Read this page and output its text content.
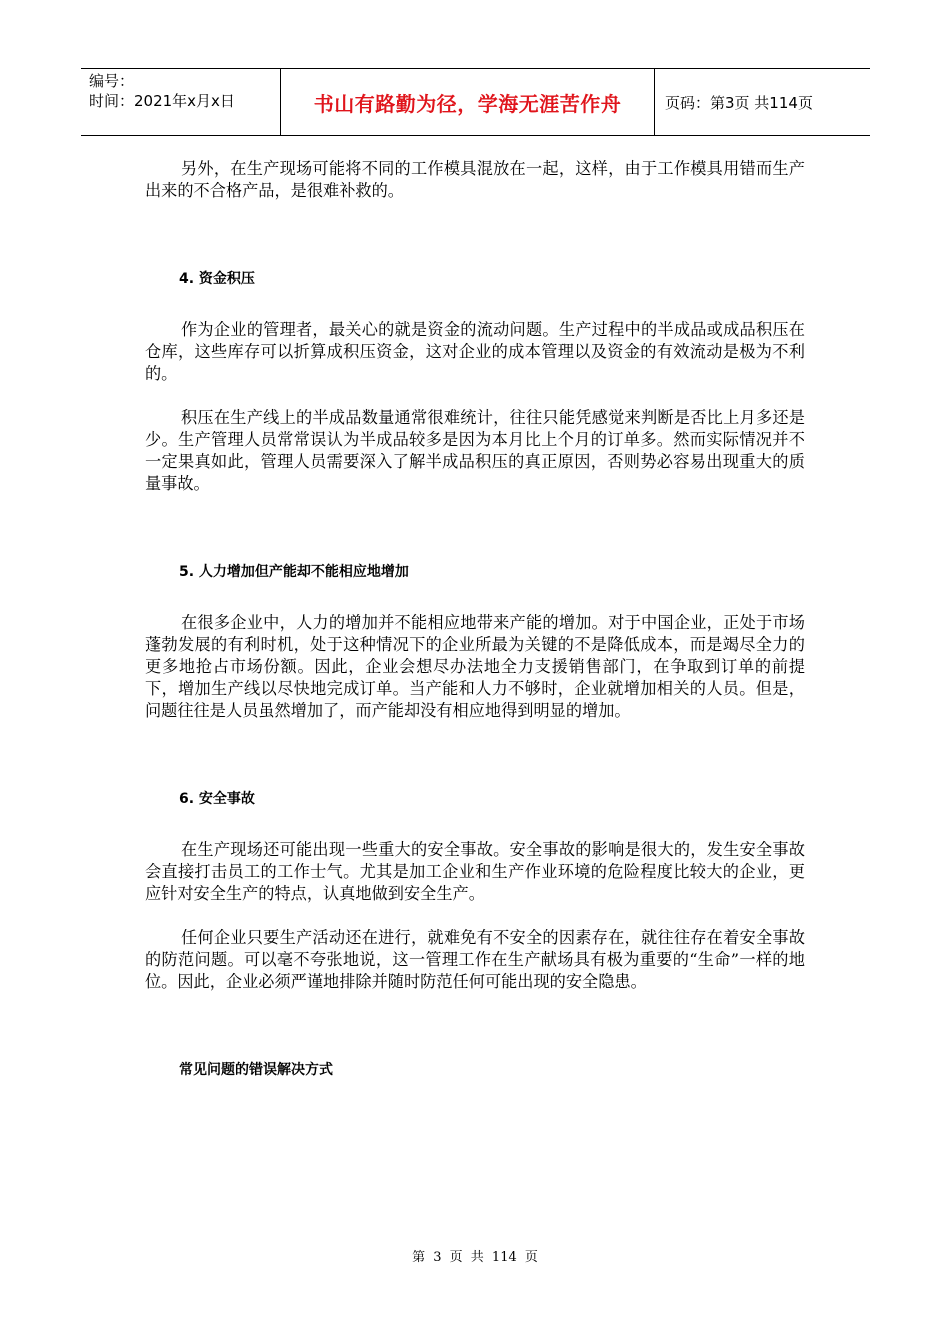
编号：
时间：2021年x月x日	书山有路勤为径，学海无涯苦作舟	页码：第3页 共114页

另外，在生产现场可能将不同的工作模具混放在一起，这样，由于工作模具用错而生产出来的不合格产品，是很难补救的。

4. 资金积压

作为企业的管理者，最关心的就是资金的流动问题。生产过程中的半成品或成品积压在仓库，这些库存可以折算成积压资金，这对企业的成本管理以及资金的有效流动是极为不利的。

积压在生产线上的半成品数量通常很难统计，往往只能凭感觉来判断是否比上月多还是少。生产管理人员常常误认为半成品较多是因为本月比上个月的订单多。然而实际情况并不一定果真如此，管理人员需要深入了解半成品积压的真正原因，否则势必容易出现重大的质量事故。

5. 人力增加但产能却不能相应地增加

在很多企业中，人力的增加并不能相应地带来产能的增加。对于中国企业，正处于市场蓬勃发展的有利时机，处于这种情况下的企业所最为关键的不是降低成本，而是竭尽全力的更多地抢占市场份额。因此，企业会想尽办法地全力支援销售部门，在争取到订单的前提下，增加生产线以尽快地完成订单。当产能和人力不够时，企业就增加相关的人员。但是，问题往往是人员虽然增加了，而产能却没有相应地得到明显的增加。

6. 安全事故

在生产现场还可能出现一些重大的安全事故。安全事故的影响是很大的，发生安全事故会直接打击员工的工作士气。尤其是加工企业和生产作业环境的危险程度比较大的企业，更应针对安全生产的特点，认真地做到安全生产。

任何企业只要生产活动还在进行，就难免有不安全的因素存在，就往往存在着安全事故的防范问题。可以毫不夸张地说，这一管理工作在生产献场具有极为重要的“生命”一样的地位。因此，企业必须严谨地排除并随时防范任何可能出现的安全隐患。

常见问题的错误解决方式
第 3 页 共 114 页
